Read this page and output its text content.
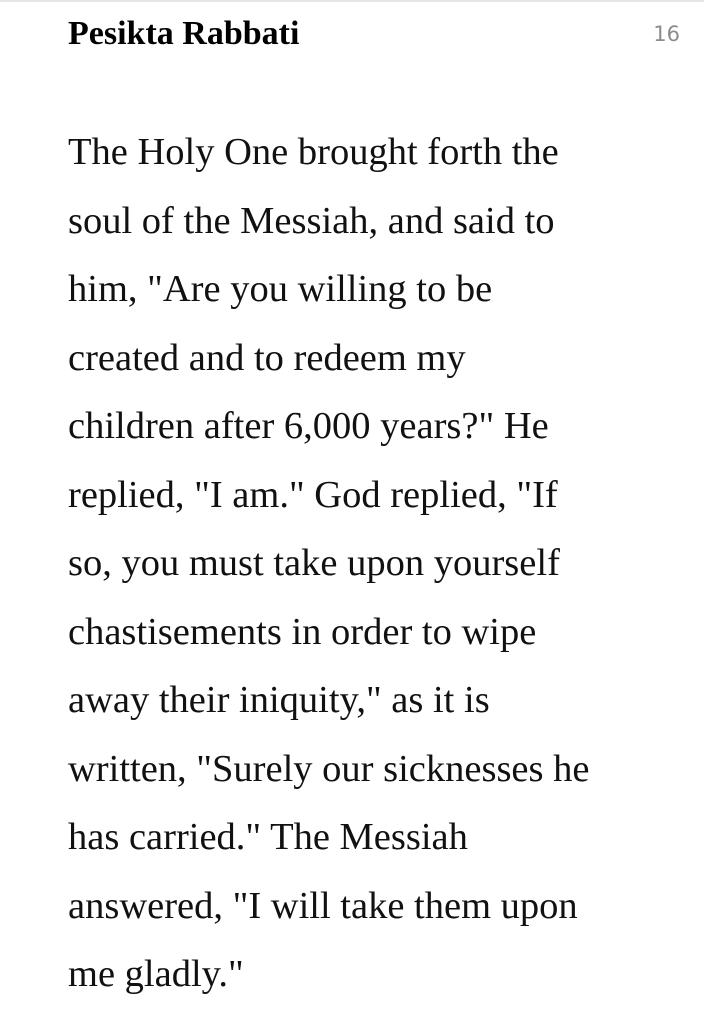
Pesikta Rabbati	16

The Holy One brought forth the
soul of the Messiah, and said to
him, "Are you willing to be
created and to redeem my
children after 6,000 years?" He
replied, "I am." God replied, "If
so, you must take upon yourself
chastisements in order to wipe
away their iniquity," as it is
written, "Surely our sicknesses he
has carried." The Messiah
answered, "I will take them upon
me gladly."
